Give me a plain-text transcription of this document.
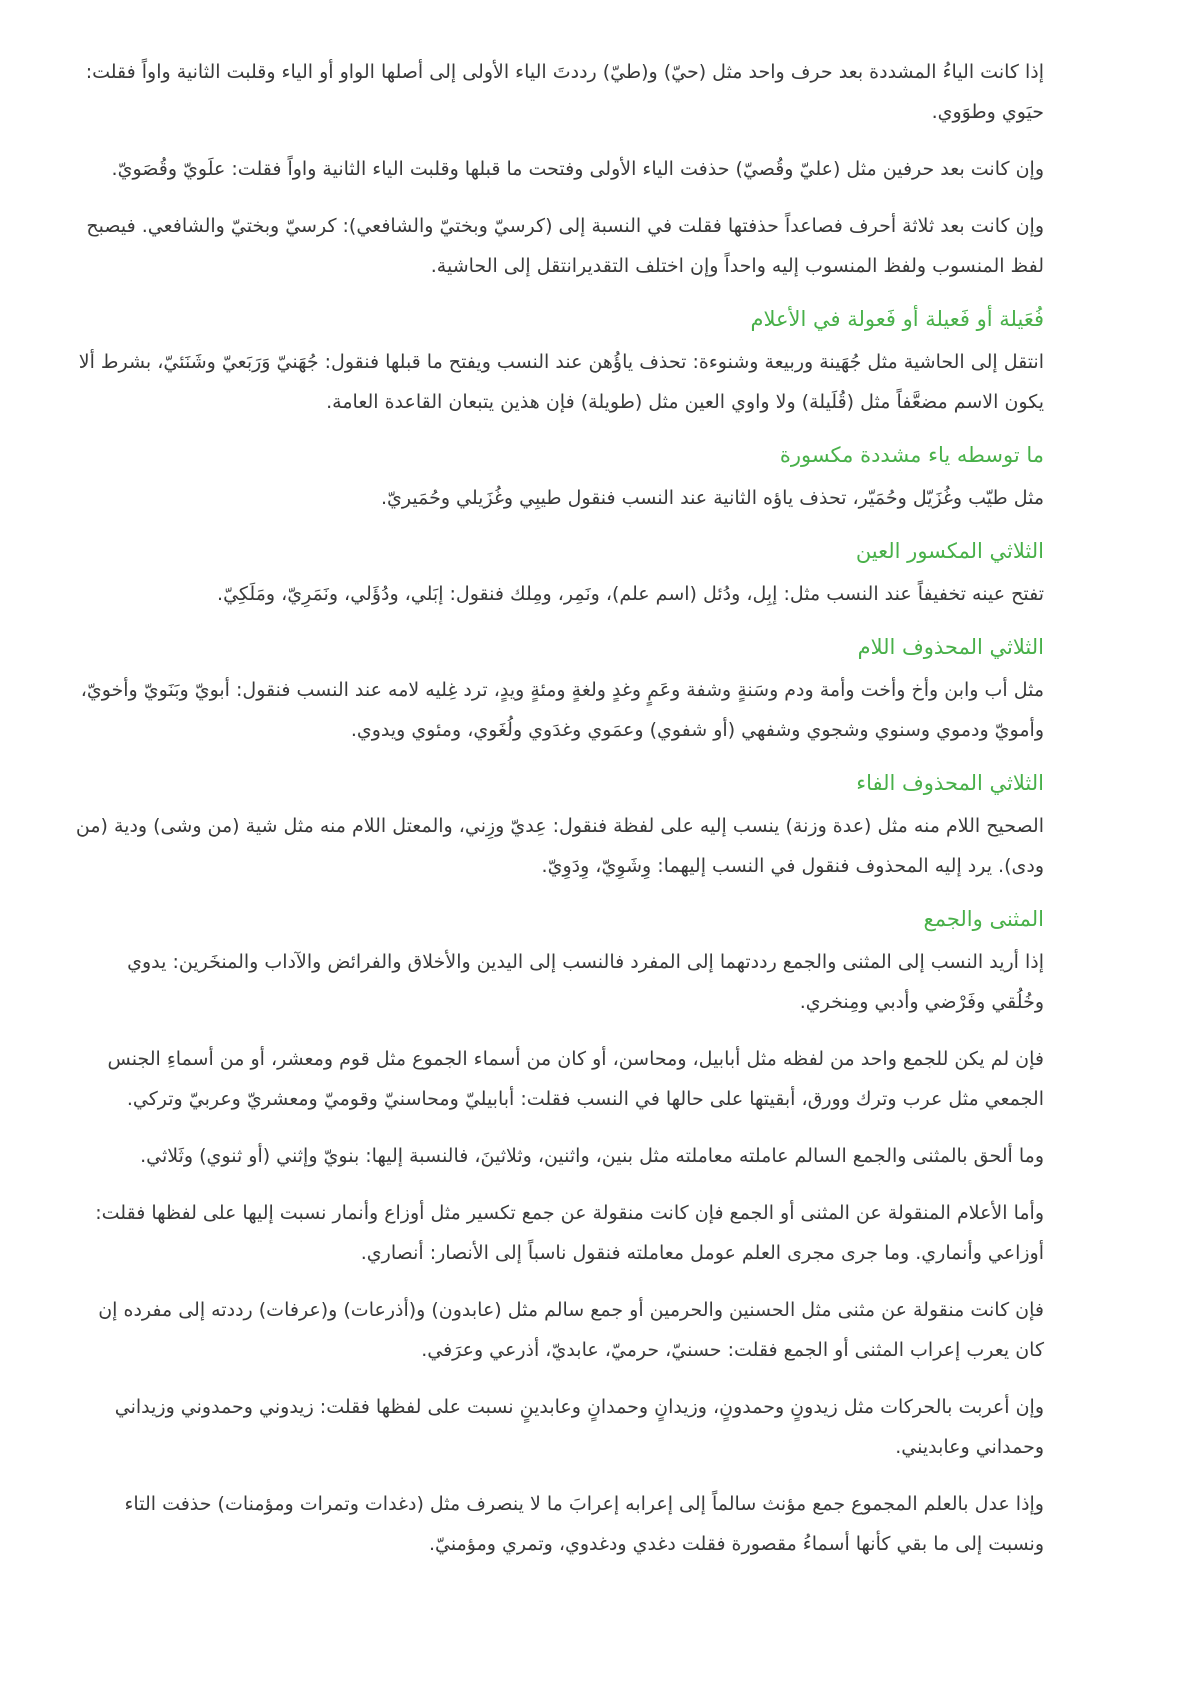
إذا كانت الياءُ المشددة بعد حرف واحد مثل (حيّ) و(طيّ) رددتَ الياء الأولى إلى أصلها الواو أو الياء وقلبت الثانية واواً فقلت: حيَوي وطوَوي.

وإن كانت بعد حرفين مثل (عليّ وقُصيّ) حذفت الياء الأولى وفتحت ما قبلها وقلبت الياء الثانية واواً فقلت: علَويّ وقُصَويّ.

وإن كانت بعد ثلاثة أحرف فصاعداً حذفتها فقلت في النسبة إلى (كرسيّ وبختيّ والشافعي): كرسيّ وبختيّ والشافعي. فيصبح لفظ المنسوب ولفظ المنسوب إليه واحداً وإن اختلف التقديرانتقل إلى الحاشية.

فُعَيلة أو فَعيلة أو فَعولة في الأعلام

انتقل إلى الحاشية مثل جُهَينة وربيعة وشنوءة: تحذف ياؤُهن عند النسب ويفتح ما قبلها فنقول: جُهَنيّ وَرَبَعيّ وشَنَئيّ، بشرط ألا يكون الاسم مضعَّفاً مثل (قُلَيلة) ولا واوي العين مثل (طويلة) فإن هذين يتبعان القاعدة العامة.

ما توسطه ياء مشددة مكسورة

مثل طيّب وغُزَيّل وحُمَيّر، تحذف ياؤه الثانية عند النسب فنقول طيبِي وغُزَيلي وحُمَيريّ.

الثلاثي المكسور العين

تفتح عينه تخفيفاً عند النسب مثل: إبِل، ودُئل (اسم علم)، ونَمِر، ومِلك فنقول: إبَلي، ودُؤَلي، ونَمَرِيّ، ومَلَكِيّ.

الثلاثي المحذوف اللام

مثل أب وابن وأخ وأخت وأمة ودم وسَنةٍ وشفة وعَمٍ وغدٍ ولغةٍ ومئةٍ ويدٍ، ترد غِليه لامه عند النسب فنقول: أبويّ وبَنَويّ وأخويّ، وأمويّ ودموي وسنوي وشجوي وشفهي (أو شفوي) وعمَوي وغدَوي ولُغَوي، ومئوي ويدوي.

الثلاثي المحذوف الفاء

الصحيح اللام منه مثل (عدة وزنة) ينسب إليه على لفظة فنقول: عِديّ وزِني، والمعتل اللام منه مثل شية (من وشى) ودية (من ودى). يرد إليه المحذوف فنقول في النسب إليهما: وِشَوِيّ، وِدَوِيّ.

المثنى والجمع

إذا أريد النسب إلى المثنى والجمع رددتهما إلى المفرد فالنسب إلى اليدين والأخلاق والفرائض والآداب والمنخَرين: يدوي وخُلُقي وفَرْضي وأدبي ومِنخري.

فإن لم يكن للجمع واحد من لفظه مثل أبابيل، ومحاسن، أو كان من أسماء الجموع مثل قوم ومعشر، أو من أسماءِ الجنس الجمعي مثل عرب وترك وورق، أبقيتها على حالها في النسب فقلت: أبابيليّ ومحاسنيّ وقوميّ ومعشريّ وعربيّ وتركي.

وما ألحق بالمثنى والجمع السالم عاملته معاملته مثل بنين، واثنين، وثلاثينَ، فالنسبة إليها: بنويّ وإثني (أو ثنوي) وثَلاثي.

وأما الأعلام المنقولة عن المثنى أو الجمع فإن كانت منقولة عن جمع تكسير مثل أوزاع وأنمار نسبت إليها على لفظها فقلت: أوزاعي وأنماري. وما جرى مجرى العلم عومل معاملته فنقول ناسباً إلى الأنصار: أنصاري.

فإن كانت منقولة عن مثنى مثل الحسنين والحرمين أو جمع سالم مثل (عابدون) و(أذرعات) و(عرفات) رددته إلى مفرده إن كان يعرب إعراب المثنى أو الجمع فقلت: حسنيّ، حرميّ، عابديّ، أذرعي وعرَفي.

وإن أعربت بالحركات مثل زيدونٍ وحمدونٍ، وزيدانٍ وحمدانٍ وعابدينٍ نسبت على لفظها فقلت: زيدوني وحمدوني وزيداني وحمداني وعابديني.

وإذا عدل بالعلم المجموع جمع مؤنث سالماً إلى إعرابه إعرابَ ما لا ينصرف مثل (دغدات وتمرات ومؤمنات) حذفت التاء ونسبت إلى ما بقي كأنها أسماءُ مقصورة فقلت دغدي ودغدوي، وتمري ومؤمنيّ.
